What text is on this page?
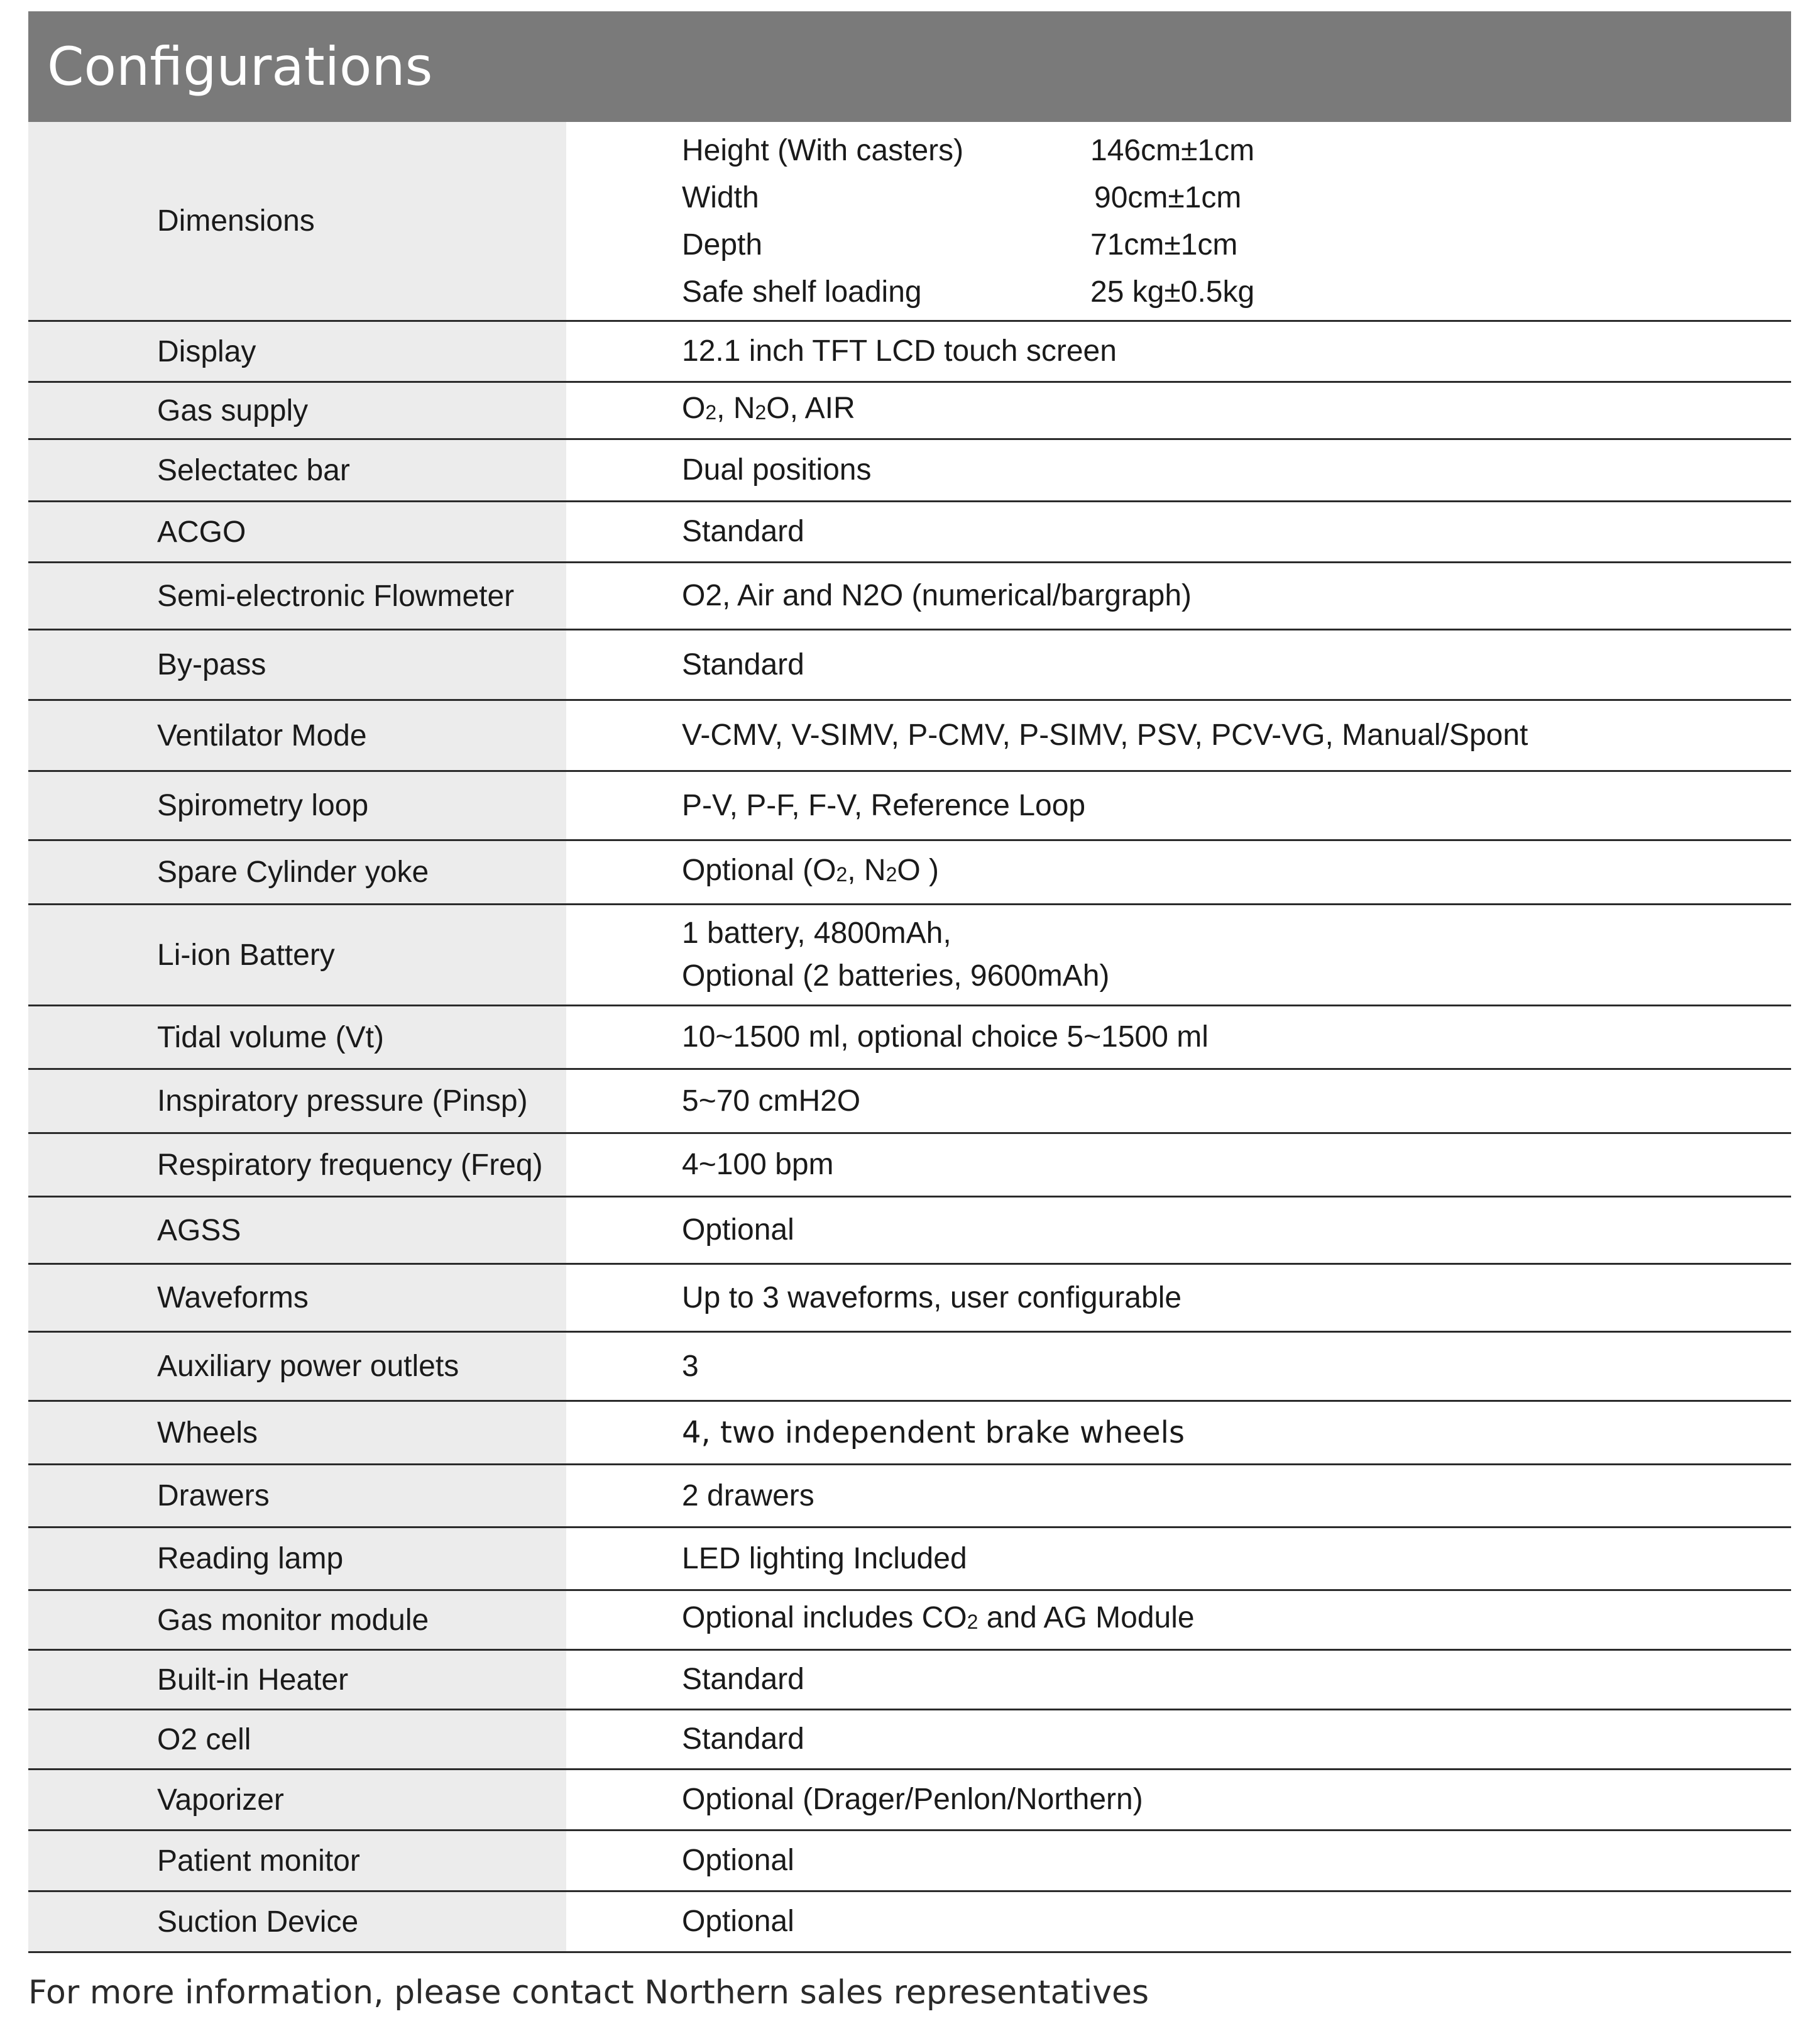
Configurations
Dimensions
Height (With casters)	146cm±1cm
Width	90cm±1cm
Depth	71cm±1cm
Safe shelf loading	25 kg±0.5kg
Display	12.1 inch TFT LCD touch screen
Gas supply	$O_2$, $N_2O$, AIR
Selectatec bar	Dual positions
ACGO	Standard
Semi-electronic Flowmeter	O2, Air and N2O (numerical/bargraph)
By-pass	Standard
Ventilator Mode	V-CMV, V-SIMV, P-CMV, P-SIMV, PSV, PCV-VG, Manual/Spont
Spirometry loop	P-V, P-F, F-V, Reference Loop
Spare Cylinder yoke	Optional ($O_2$, $N_2O$ )
Li-ion Battery
1 battery, 4800mAh,
Optional (2 batteries, 9600mAh)
Tidal volume (Vt)	10~1500 ml, optional choice 5~1500 ml
Inspiratory pressure (Pinsp)	5~70 cmH2O
Respiratory frequency (Freq)	4~100 bpm
AGSS	Optional
Waveforms	Up to 3 waveforms, user configurable
Auxiliary power outlets	3
Wheels	4, two independent brake wheels
Drawers	2 drawers
Reading lamp	LED lighting Included
Gas monitor module	Optional includes $CO_2$ and AG Module
Built-in Heater	Standard
O2 cell	Standard
Vaporizer	Optional (Drager/Penlon/Northern)
Patient monitor	Optional
Suction Device	Optional
For more information, please contact Northern sales representatives
